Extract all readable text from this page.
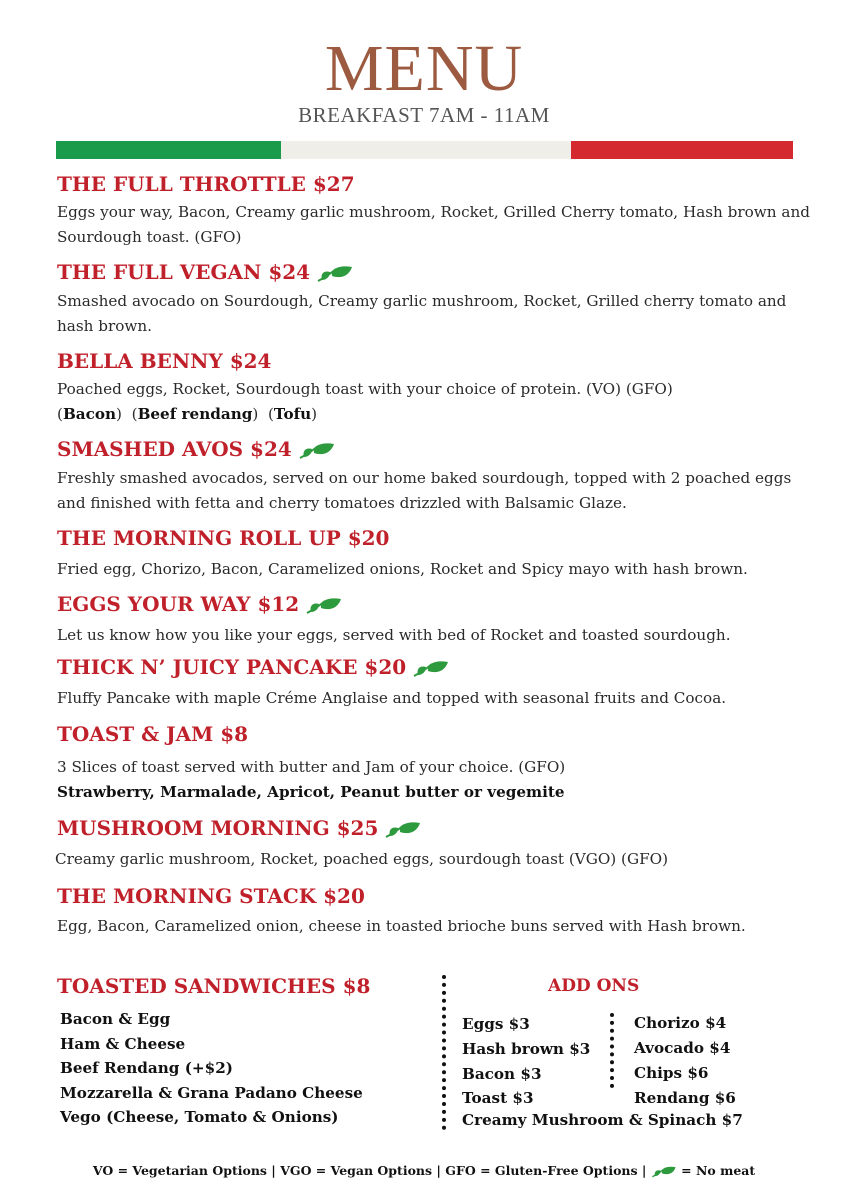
MENU
BREAKFAST 7AM - 11AM
THE FULL THROTTLE $27
Eggs your way, Bacon, Creamy garlic mushroom, Rocket, Grilled Cherry tomato, Hash brown and Sourdough toast. (GFO)
THE FULL VEGAN $24
Smashed avocado on Sourdough, Creamy garlic mushroom, Rocket, Grilled cherry tomato and hash brown.
BELLA BENNY $24
Poached eggs, Rocket, Sourdough toast with your choice of protein. (VO) (GFO)
(Bacon)  (Beef rendang)  (Tofu)
SMASHED AVOS $24
Freshly smashed avocados, served on our home baked sourdough, topped with 2 poached eggs and finished with fetta and cherry tomatoes drizzled with Balsamic Glaze.
THE MORNING ROLL UP $20
Fried egg, Chorizo, Bacon, Caramelized onions, Rocket and Spicy mayo with hash brown.
EGGS YOUR WAY $12
Let us know how you like your eggs, served with bed of Rocket and toasted sourdough.
THICK N’ JUICY PANCAKE $20
Fluffy Pancake with maple Créme Anglaise and topped with seasonal fruits and Cocoa.
TOAST & JAM $8
3 Slices of toast served with butter and Jam of your choice. (GFO)
Strawberry, Marmalade, Apricot, Peanut butter or vegemite
MUSHROOM MORNING $25
Creamy garlic mushroom, Rocket, poached eggs, sourdough toast (VGO) (GFO)
THE MORNING STACK $20
Egg, Bacon, Caramelized onion, cheese in toasted brioche buns served with Hash brown.
TOASTED SANDWICHES $8
Bacon & Egg
Ham & Cheese
Beef Rendang (+$2)
Mozzarella & Grana Padano Cheese
Vego (Cheese, Tomato & Onions)
ADD ONS
Eggs $3
Hash brown $3
Bacon $3
Toast $3
Chorizo $4
Avocado $4
Chips $6
Rendang $6
Creamy Mushroom & Spinach $7
VO = Vegetarian Options | VGO = Vegan Options | GFO = Gluten-Free Options |	= No meat
